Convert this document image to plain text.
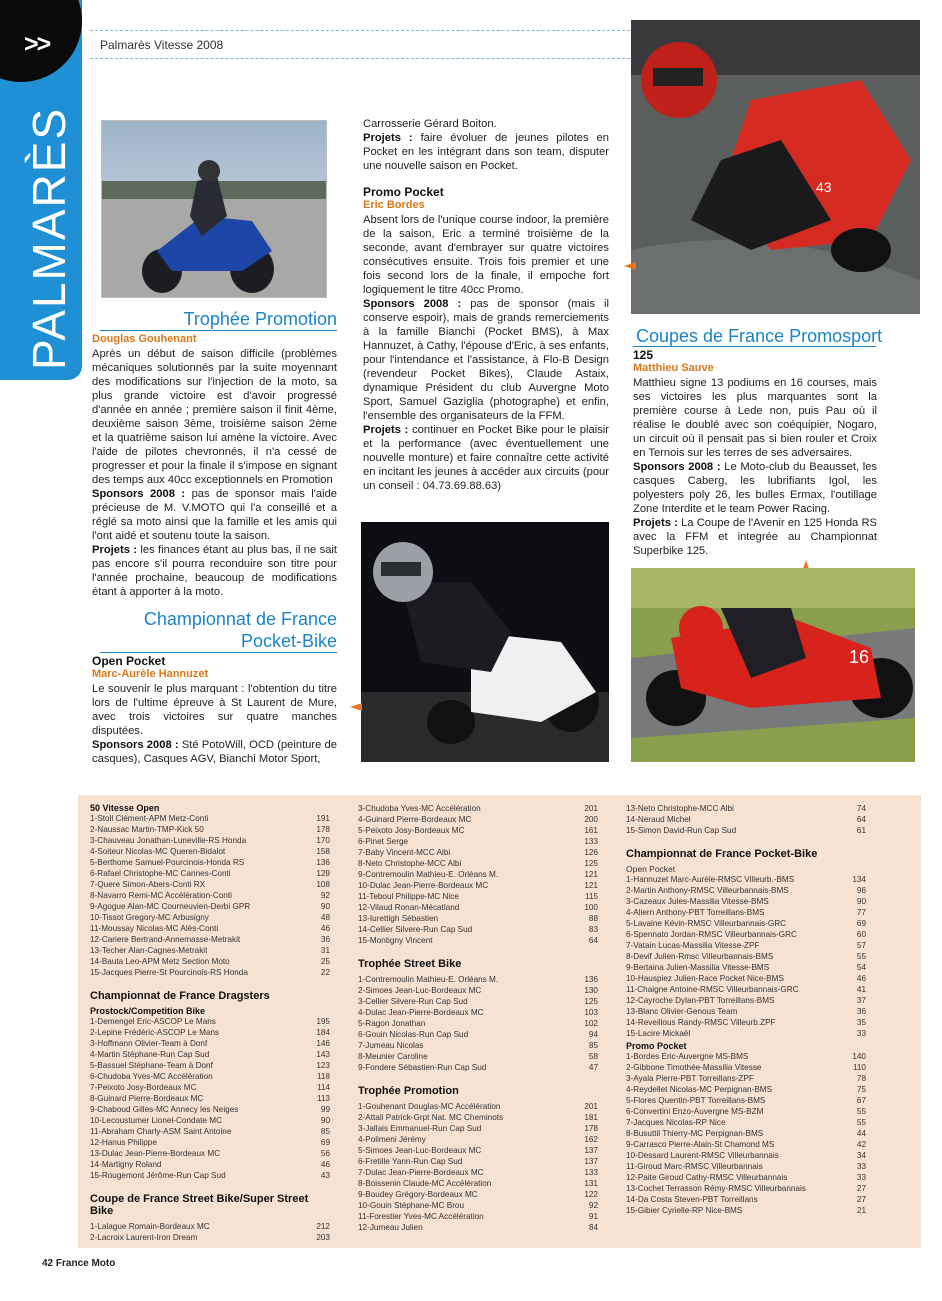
>>
PALMARÈS
Palmarès Vitesse 2008
Trophée Promotion
Douglas Gouhenant
Après un début de saison difficile (problèmes mécaniques solutionnés par la suite moyennant des modifications sur l'injection de la moto, sa plus grande victoire est d'avoir progressé d'année en année ; première saison il finit 4ème, deuxième saison 3ème, troisième saison 2ème et la quatrième saison lui amène la victoire. Avec l'aide de pilotes chevronnés, il n'a cessé de progresser et pour la finale il s'impose en signant des temps aux 40cc exceptionnels en Promotion
Sponsors 2008 : pas de sponsor mais l'aide précieuse de M. V.MOTO qui l'a conseillé et a réglé sa moto ainsi que la famille et les amis qui l'ont aidé et soutenu toute la saison.
Projets : les finances étant au plus bas, il ne sait pas encore s'il pourra reconduire son titre pour l'année prochaine, beaucoup de modifications étant à apporter à la moto.
Championnat de France
Pocket-Bike
Open Pocket
Marc-Aurèle Hannuzet
Le souvenir le plus marquant : l'obtention du titre lors de l'ultime épreuve à St Laurent de Mure, avec trois victoires sur quatre manches disputées.
Sponsors 2008 : Sté PotoWill, OCD (peinture de casques), Casques AGV, Bianchi Motor Sport,
Carrosserie Gérard Boiton.
Projets : faire évoluer de jeunes pilotes en Pocket en les intégrant dans son team, disputer une nouvelle saison en Pocket.
Promo Pocket
Eric Bordes
Absent lors de l'unique course indoor, la première de la saison, Eric a terminé troisième de la seconde, avant d'embrayer sur quatre victoires consécutives ensuite. Trois fois premier et une fois second lors de la finale, il empoche fort logiquement le titre 40cc Promo.
Sponsors 2008 : pas de sponsor (mais il conserve espoir), mais de grands remerciements à la famille Bianchi (Pocket BMS), à Max Hannuzet, à Cathy, l'épouse d'Eric, à ses enfants, pour l'intendance et l'assistance, à Flo-B Design (revendeur Pocket Bikes), Claude Astaix, dynamique Président du club Auvergne Moto Sport, Samuel Gaziglia (photographe) et enfin, l'ensemble des organisateurs de la FFM.
Projets : continuer en Pocket Bike pour le plaisir et la performance (avec éventuellement une nouvelle monture) et faire connaître cette activité en incitant les jeunes à accéder aux circuits (pour un conseil : 04.73.69.88.63)
43
Coupes de France Promosport
125
Matthieu Sauve
Matthieu signe 13 podiums en 16 courses, mais ses victoires les plus marquantes sont la première course à Lede non, puis Pau où il réalise le doublé avec son coéquipier, Nogaro, un circuit où il pensait pas si bien rouler et Croix en Ternois sur les terres de ses adversaires.
Sponsors 2008 : Le Moto-club du Beausset, les casques Caberg, les lubrifiants Igol, les polyesters poly 26, les bulles Ermax, l'outillage Zone Interdite et le team Power Racing.
Projets : La Coupe de l'Avenir en 125 Honda RS avec la FFM et integrée au Championnat Superbike 125.
16
50 Vitesse Open
1-Stoll Clément-APM Metz-Conti	191
2-Naussac Martin-TMP-Kick 50	178
3-Chauveau Jonathan-Luneville-RS Honda	170
4-Soiteur Nicolas-MC Queren-Bidalot	158
5-Berthome Samuel-Pourcinois-Honda RS	136
6-Rafael Christophe-MC Cannes-Conti	129
7-Quere Simon-Abers-Conti RX	108
8-Navarro Remi-MC Accélération-Conti	92
9-Agogue Alan-MC Courneuvien-Derbi GPR	90
10-Tissot Gregory-MC Arbusigny	48
11-Moussay Nicolas-MC Alès-Conti	46
12-Cariere Bertrand-Annemasse-Metrakit	36
13-Techer Alan-Cagnes-Metrakit	31
14-Bauta Leo-APM Metz Section Moto	25
15-Jacques Pierre-St Pourcinois-RS Honda	22
Championnat de France Dragsters
Prostock/Competition Bike
1-Demengel Eric-ASCOP Le Mans	195
2-Lepine Frédéric-ASCOP Le Mans	184
3-Hoffmann Olivier-Team à Donf	146
4-Martin Stéphane-Run Cap Sud	143
5-Bassuel Stéphane-Team à Donf	123
6-Chudoba Yves-MC Accélération	118
7-Peixoto Josy-Bordeaux MC	114
8-Guinard Pierre-Bordeaux MC	113
9-Chaboud Gilles-MC Annecy les Neiges	99
10-Lecoustumer Lionel-Condate MC	90
11-Abraham Charly-ASM Saint Antoine	85
12-Hanus Philippe	69
13-Dulac Jean-Pierre-Bordeaux MC	56
14-Martigny Roland	46
15-Rougemont Jérôme-Run Cap Sud	43
Coupe de France Street Bike/Super Street Bike
1-Lalague Romain-Bordeaux MC	212
2-Lacroix Laurent-Iron Dream	203
3-Chudoba Yves-MC Accélération	201
4-Guinard Pierre-Bordeaux MC	200
5-Peixoto Josy-Bordeaux MC	161
6-Pinet Serge	133
7-Baby Vincent-MCC Albi	126
8-Neto Christophe-MCC Albi	125
9-Contremoulin Mathieu-E. Orléans M.	121
10-Dulac Jean-Pierre-Bordeaux MC	121
11-Teboul Philippe-MC Nice	115
12-Vilaud Ronan-Mécatland	100
13-Iurettigh Sébastien	88
14-Cellier Silvere-Run Cap Sud	83
15-Montigny Vincent	64
Trophée Street Bike
1-Contremoulin Mathieu-E. Orléans M.	136
2-Simoes Jean-Luc-Bordeaux MC	130
3-Cellier Silvere-Run Cap Sud	125
4-Dulac Jean-Pierre-Bordeaux MC	103
5-Ragon Jonathan	102
6-Gouin Nicolas-Run Cap Sud	94
7-Jumeau Nicolas	85
8-Meunier Caroline	58
9-Fondere Sébastien-Run Cap Sud	47
Trophée Promotion
1-Gouhenant Douglas-MC Accélération	201
2-Attali Patrick-Grpt Nat. MC Cheminots	181
3-Jallais Emmanuel-Run Cap Sud	178
4-Polimeni Jérémy	162
5-Simoes Jean-Luc-Bordeaux MC	137
6-Fretille Yann-Run Cap Sud	137
7-Dulac Jean-Pierre-Bordeaux MC	133
8-Boissenin Claude-MC Accélération	131
9-Boudey Grégory-Bordeaux MC	122
10-Gouin Stéphane-MC Brou	92
11-Forestier Yves-MC Accélération	91
12-Jumeau Julien	84
13-Neto Christophe-MCC Albi	74
14-Neraud Michel	64
15-Simon David-Run Cap Sud	61
Championnat de France Pocket-Bike
Open Pocket
1-Hannuzet Marc-Aurèle-RMSC Villeurb.-BMS	134
2-Martin Anthony-RMSC Villeurbannais-BMS	96
3-Cazeaux Jules-Massilia Vitesse-BMS	90
4-Aliern Anthony-PBT Torreillans-BMS	77
5-Lavaine Kévin-RMSC Villeurbannais-GRC	69
6-Spennato Jordan-RMSC Villeurbannais-GRC	60
7-Vatain Lucas-Massilia Vitesse-ZPF	57
8-Devif Julien-Rmsc Villeurbannais-BMS	55
9-Bertaina Julien-Massilia Vitesse-BMS	54
10-Hauspiez Julien-Race Pocket Nice-BMS	46
11-Chaigne Antoine-RMSC Villeurbannais-GRC	41
12-Cayroche Dylan-PBT Torreillans-BMS	37
13-Blanc Olivier-Genous Team	36
14-Reveillous Randy-RMSC Villeurb.ZPF	35
15-Lacire Mickaël	33
Promo Pocket
1-Bordes Eric-Auvergne MS-BMS	140
2-Gibbone Timothée-Massilia Vitesse	110
3-Ayala Pierre-PBT Torreillans-ZPF	78
4-Reydellet Nicolas-MC Perpignan-BMS	75
5-Flores Quentin-PBT Torreillans-BMS	67
6-Convertini Enzo-Auvergne MS-BZM	55
7-Jacques Nicolas-RP Nice	55
8-Busuttil Thierry-MC Perpignan-BMS	44
9-Carrasco Pierre-Alain-St Chamond MS	42
10-Dessard Laurent-RMSC Villeurbannais	34
11-Giroud Marc-RMSC Villeurbannais	33
12-Paite Giroud Cathy-RMSC Villeurbannais	33
13-Cochet Terrasson Rémy-RMSC Villeurbannais	27
14-Da Costa Steven-PBT Torreillans	27
15-Gibier Cyrielle-RP Nice-BMS	21
42 France Moto
